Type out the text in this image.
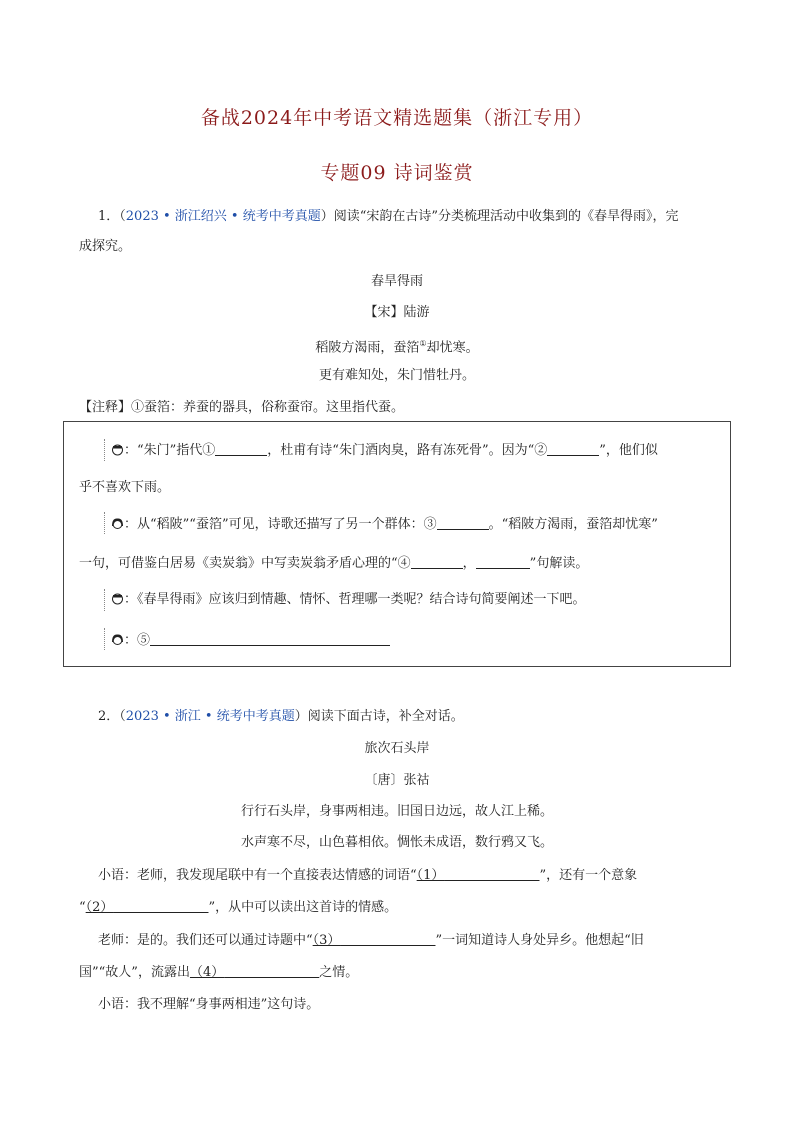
备战2024年中考语文精选题集（浙江专用）
专题09 诗词鉴赏
1．（2023 • 浙江绍兴 • 统考中考真题）阅读“宋韵在古诗”分类梳理活动中收集到的《春旱得雨》，完
成探究。
春旱得雨
【宋】陆游
稻陂方渴雨，蚕箔①却忧寒。
更有难知处，朱门惜牡丹。
【注释】①蚕箔：养蚕的器具，俗称蚕帘。这里指代蚕。
：“朱门”指代①	，杜甫有诗“朱门酒肉臭，路有冻死骨”。因为“②	”，他们似
乎不喜欢下雨。
：从“稻陂”“蚕箔”可见，诗歌还描写了另一个群体：③	。“稻陂方渴雨，蚕箔却忧寒”
一句，可借鉴白居易《卖炭翁》中写卖炭翁矛盾心理的“④	，	”句解读。
：《春旱得雨》应该归到情趣、情怀、哲理哪一类呢？结合诗句简要阐述一下吧。
：⑤
2．（2023 • 浙江 • 统考中考真题）阅读下面古诗，补全对话。
旅次石头岸
〔唐〕张祜
行行石头岸，身事两相违。旧国日边远，故人江上稀。
水声寒不尽，山色暮相依。惆怅未成语，数行鸦又飞。
小语：老师，我发现尾联中有一个直接表达情感的词语“（1）	”，还有一个意象
“（2）	”，从中可以读出这首诗的情感。
老师：是的。我们还可以通过诗题中“（3）	”一词知道诗人身处异乡。他想起“旧
国”“故人”，流露出（4）	之情。
小语：我不理解“身事两相违”这句诗。
